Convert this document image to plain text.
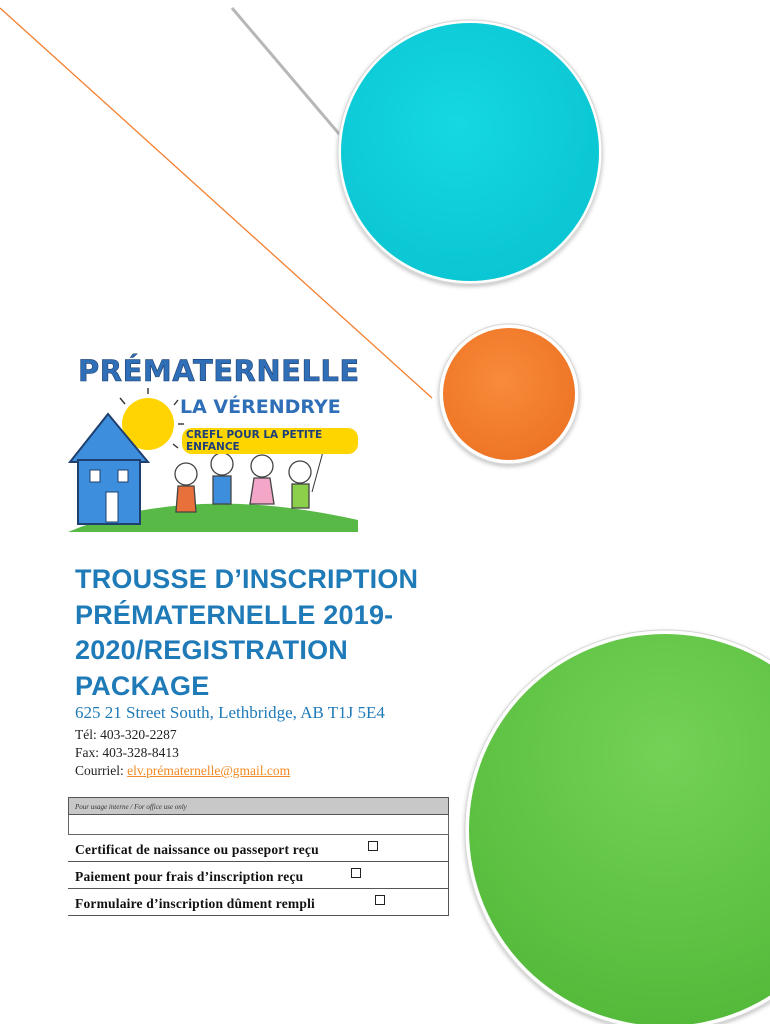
PRÉMATERNELLE
LA VÉRENDRYE
CREFL POUR LA PETITE ENFANCE
TROUSSE D’INSCRIPTION PRÉMATERNELLE 2019-2020/REGISTRATION PACKAGE
625 21 Street South, Lethbridge, AB T1J 5E4
Tél: 403-320-2287
Fax: 403-328-8413
Courriel: elv.prématernelle@gmail.com
Pour usage interne / For office use only
Certificat de naissance ou passeport reçu
Paiement pour frais d’inscription reçu
Formulaire d’inscription dûment rempli
